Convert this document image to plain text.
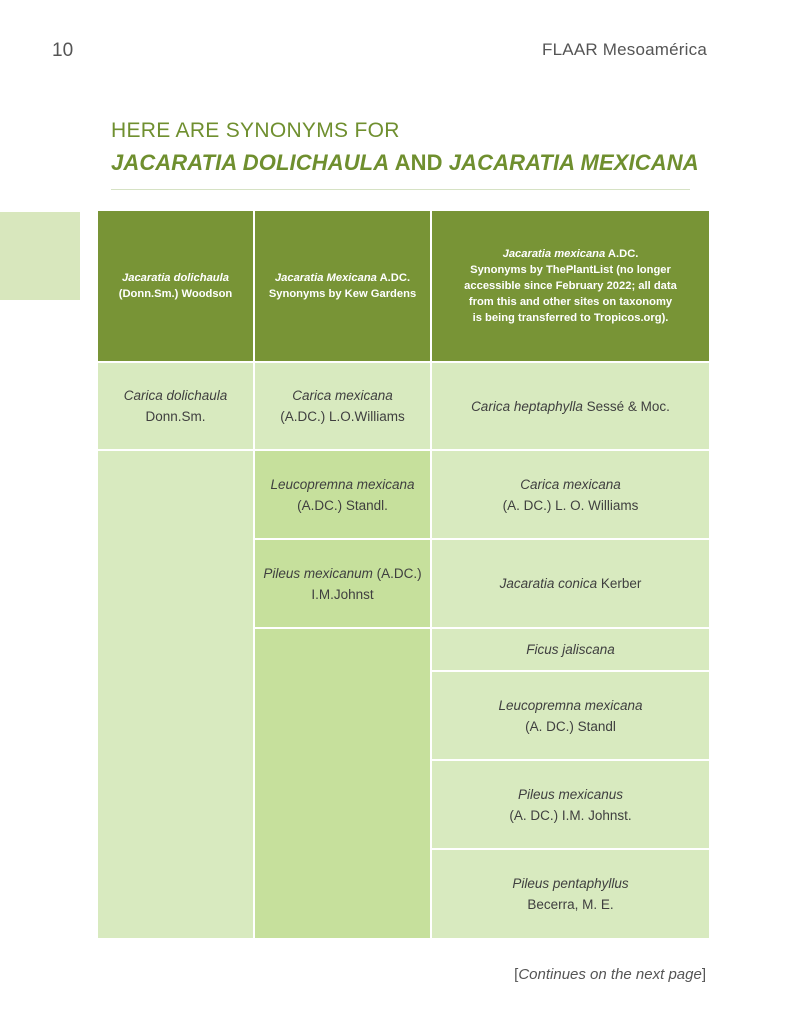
10	FLAAR Mesoamérica
HERE ARE SYNONYMS FOR
JACARATIA DOLICHAULA AND JACARATIA MEXICANA
Jacaratia dolichaula
(Donn.Sm.) Woodson
Jacaratia Mexicana A.DC.
Synonyms by Kew Gardens
Jacaratia mexicana A.DC.
Synonyms by ThePlantList (no longer
accessible since February 2022; all data
from this and other sites on taxonomy
is being transferred to Tropicos.org).
Carica dolichaula
Donn.Sm.
Carica mexicana
(A.DC.) L.O.Williams
Leucopremna mexicana
(A.DC.) Standl.
Pileus mexicanum (A.DC.)
I.M.Johnst
Carica heptaphylla Sessé & Moc.
Carica mexicana
(A. DC.) L. O. Williams
Jacaratia conica Kerber
Ficus jaliscana
Leucopremna mexicana
(A. DC.) Standl
Pileus mexicanus
(A. DC.) I.M. Johnst.
Pileus pentaphyllus
Becerra, M. E.
[Continues on the next page]
